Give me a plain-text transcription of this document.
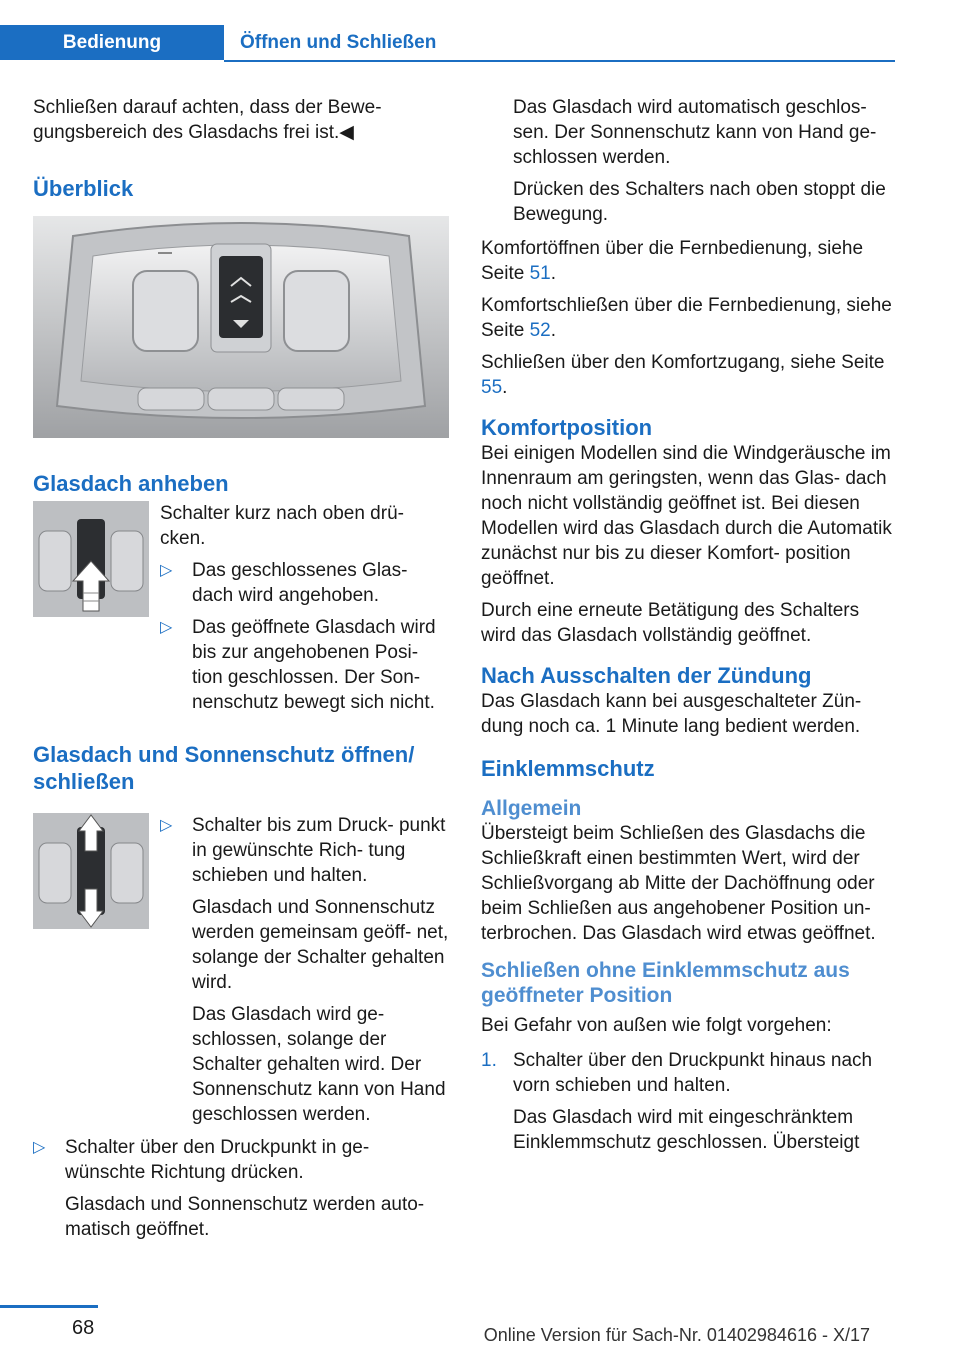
Bedienung	Öffnen und Schließen

Schließen darauf achten, dass der Bewe‐ gungsbereich des Glasdachs frei ist.◀

Überblick
Glasdach anheben

Schalter kurz nach oben drü‐ cken.

▷	Das geschlossenes Glas‐ dach wird angehoben.

▷	Das geöffnete Glasdach wird bis zur angehobenen Posi‐ tion geschlossen. Der Son‐ nenschutz bewegt sich nicht.

Glasdach und Sonnenschutz öffnen/ schließen
▷	Schalter bis zum Druck‐ punkt in gewünschte Rich‐ tung schieben und halten.

Glasdach und Sonnenschutz werden gemeinsam geöff‐ net, solange der Schalter gehalten wird.

Das Glasdach wird ge‐ schlossen, solange der Schalter gehalten wird. Der Sonnenschutz kann von Hand geschlossen werden.

▷	Schalter über den Druckpunkt in ge‐ wünschte Richtung drücken.

Glasdach und Sonnenschutz werden auto‐ matisch geöffnet.

Das Glasdach wird automatisch geschlos‐ sen. Der Sonnenschutz kann von Hand ge‐ schlossen werden.

Drücken des Schalters nach oben stoppt die Bewegung.

Komfortöffnen über die Fernbedienung, siehe Seite 51.

Komfortschließen über die Fernbedienung, siehe Seite 52.

Schließen über den Komfortzugang, siehe Seite 55.

Komfortposition

Bei einigen Modellen sind die Windgeräusche im Innenraum am geringsten, wenn das Glas‐ dach noch nicht vollständig geöffnet ist. Bei diesen Modellen wird das Glasdach durch die Automatik zunächst nur bis zu dieser Komfort‐ position geöffnet.

Durch eine erneute Betätigung des Schalters wird das Glasdach vollständig geöffnet.

Nach Ausschalten der Zündung

Das Glasdach kann bei ausgeschalteter Zün‐ dung noch ca. 1 Minute lang bedient werden.

Einklemmschutz
Allgemein

Übersteigt beim Schließen des Glasdachs die Schließkraft einen bestimmten Wert, wird der Schließvorgang ab Mitte der Dachöffnung oder beim Schließen aus angehobener Position un‐ terbrochen. Das Glasdach wird etwas geöffnet.

Schließen ohne Einklemmschutz aus geöffneter Position

Bei Gefahr von außen wie folgt vorgehen:

1. Schalter über den Druckpunkt hinaus nach vorn schieben und halten.

Das Glasdach wird mit eingeschränktem Einklemmschutz geschlossen. Übersteigt

68	Online Version für Sach-Nr. 01402984616 - X/17
